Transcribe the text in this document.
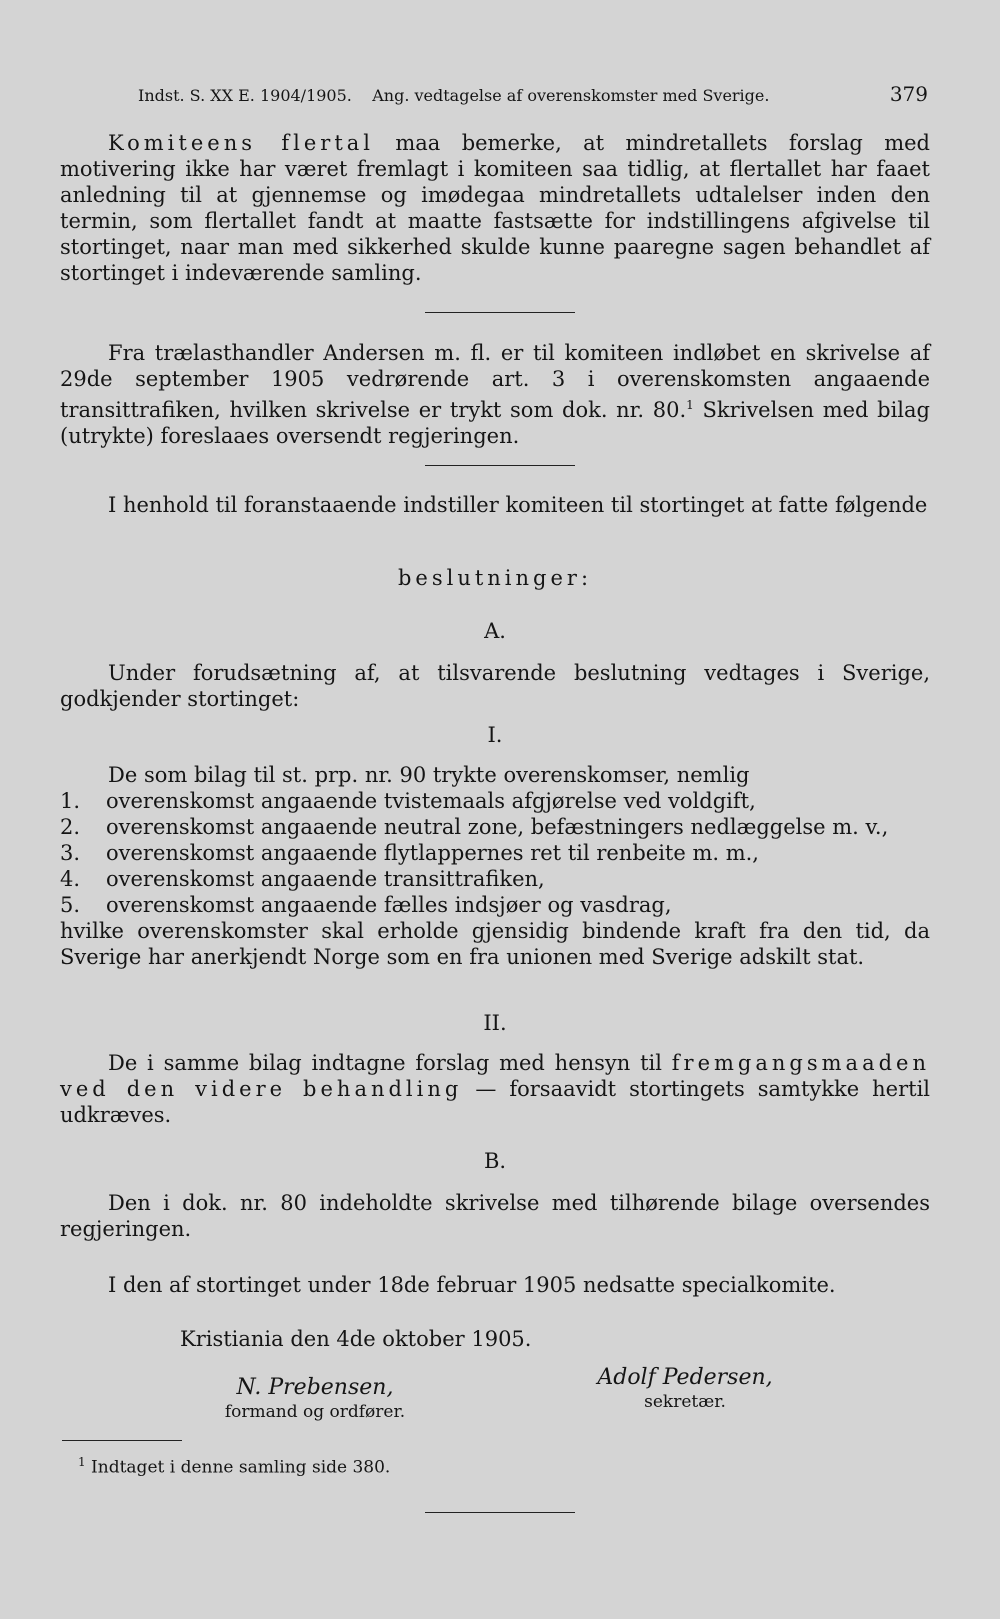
Indst. S. XX E. 1904/1905. Ang. vedtagelse af overenskomster med Sverige.	379
Komiteens flertal maa bemerke, at mindretallets forslag med motivering ikke har været fremlagt i komiteen saa tidlig, at flertallet har faaet anledning til at gjennemse og imødegaa mindretallets udtalelser inden den termin, som flertallet fandt at maatte fastsætte for indstillingens afgivelse til stortinget, naar man med sikkerhed skulde kunne paaregne sagen behandlet af stortinget i indeværende samling.
Fra trælasthandler Andersen m. fl. er til komiteen indløbet en skrivelse af 29de september 1905 vedrørende art. 3 i overenskomsten angaaende transittrafiken, hvilken skrivelse er trykt som dok. nr. 80.$^1$ Skrivelsen med bilag (utrykte) foreslaaes oversendt regjeringen.
I henhold til foranstaaende indstiller komiteen til stortinget at fatte følgende
beslutninger:
A.
Under forudsætning af, at tilsvarende beslutning vedtages i Sverige, godkjender stortinget:
I.
De som bilag til st. prp. nr. 90 trykte overenskomser, nemlig
1.	overenskomst angaaende tvistemaals afgjørelse ved voldgift,
2.	overenskomst angaaende neutral zone, befæstningers nedlæggelse m. v.,
3.	overenskomst angaaende flytlappernes ret til renbeite m. m.,
4.	overenskomst angaaende transittrafiken,
5.	overenskomst angaaende fælles indsjøer og vasdrag,
hvilke overenskomster skal erholde gjensidig bindende kraft fra den tid, da Sverige har anerkjendt Norge som en fra unionen med Sverige adskilt stat.
II.
De i samme bilag indtagne forslag med hensyn til fremgangsmaaden ved den videre behandling — forsaavidt stortingets samtykke hertil udkræves.
B.
Den i dok. nr. 80 indeholdte skrivelse med tilhørende bilage oversendes regjeringen.
I den af stortinget under 18de februar 1905 nedsatte specialkomite.
Kristiania den 4de oktober 1905.
N. Prebensen,
formand og ordfører.
Adolf Pedersen,
sekretær.
$^1$ Indtaget i denne samling side 380.
